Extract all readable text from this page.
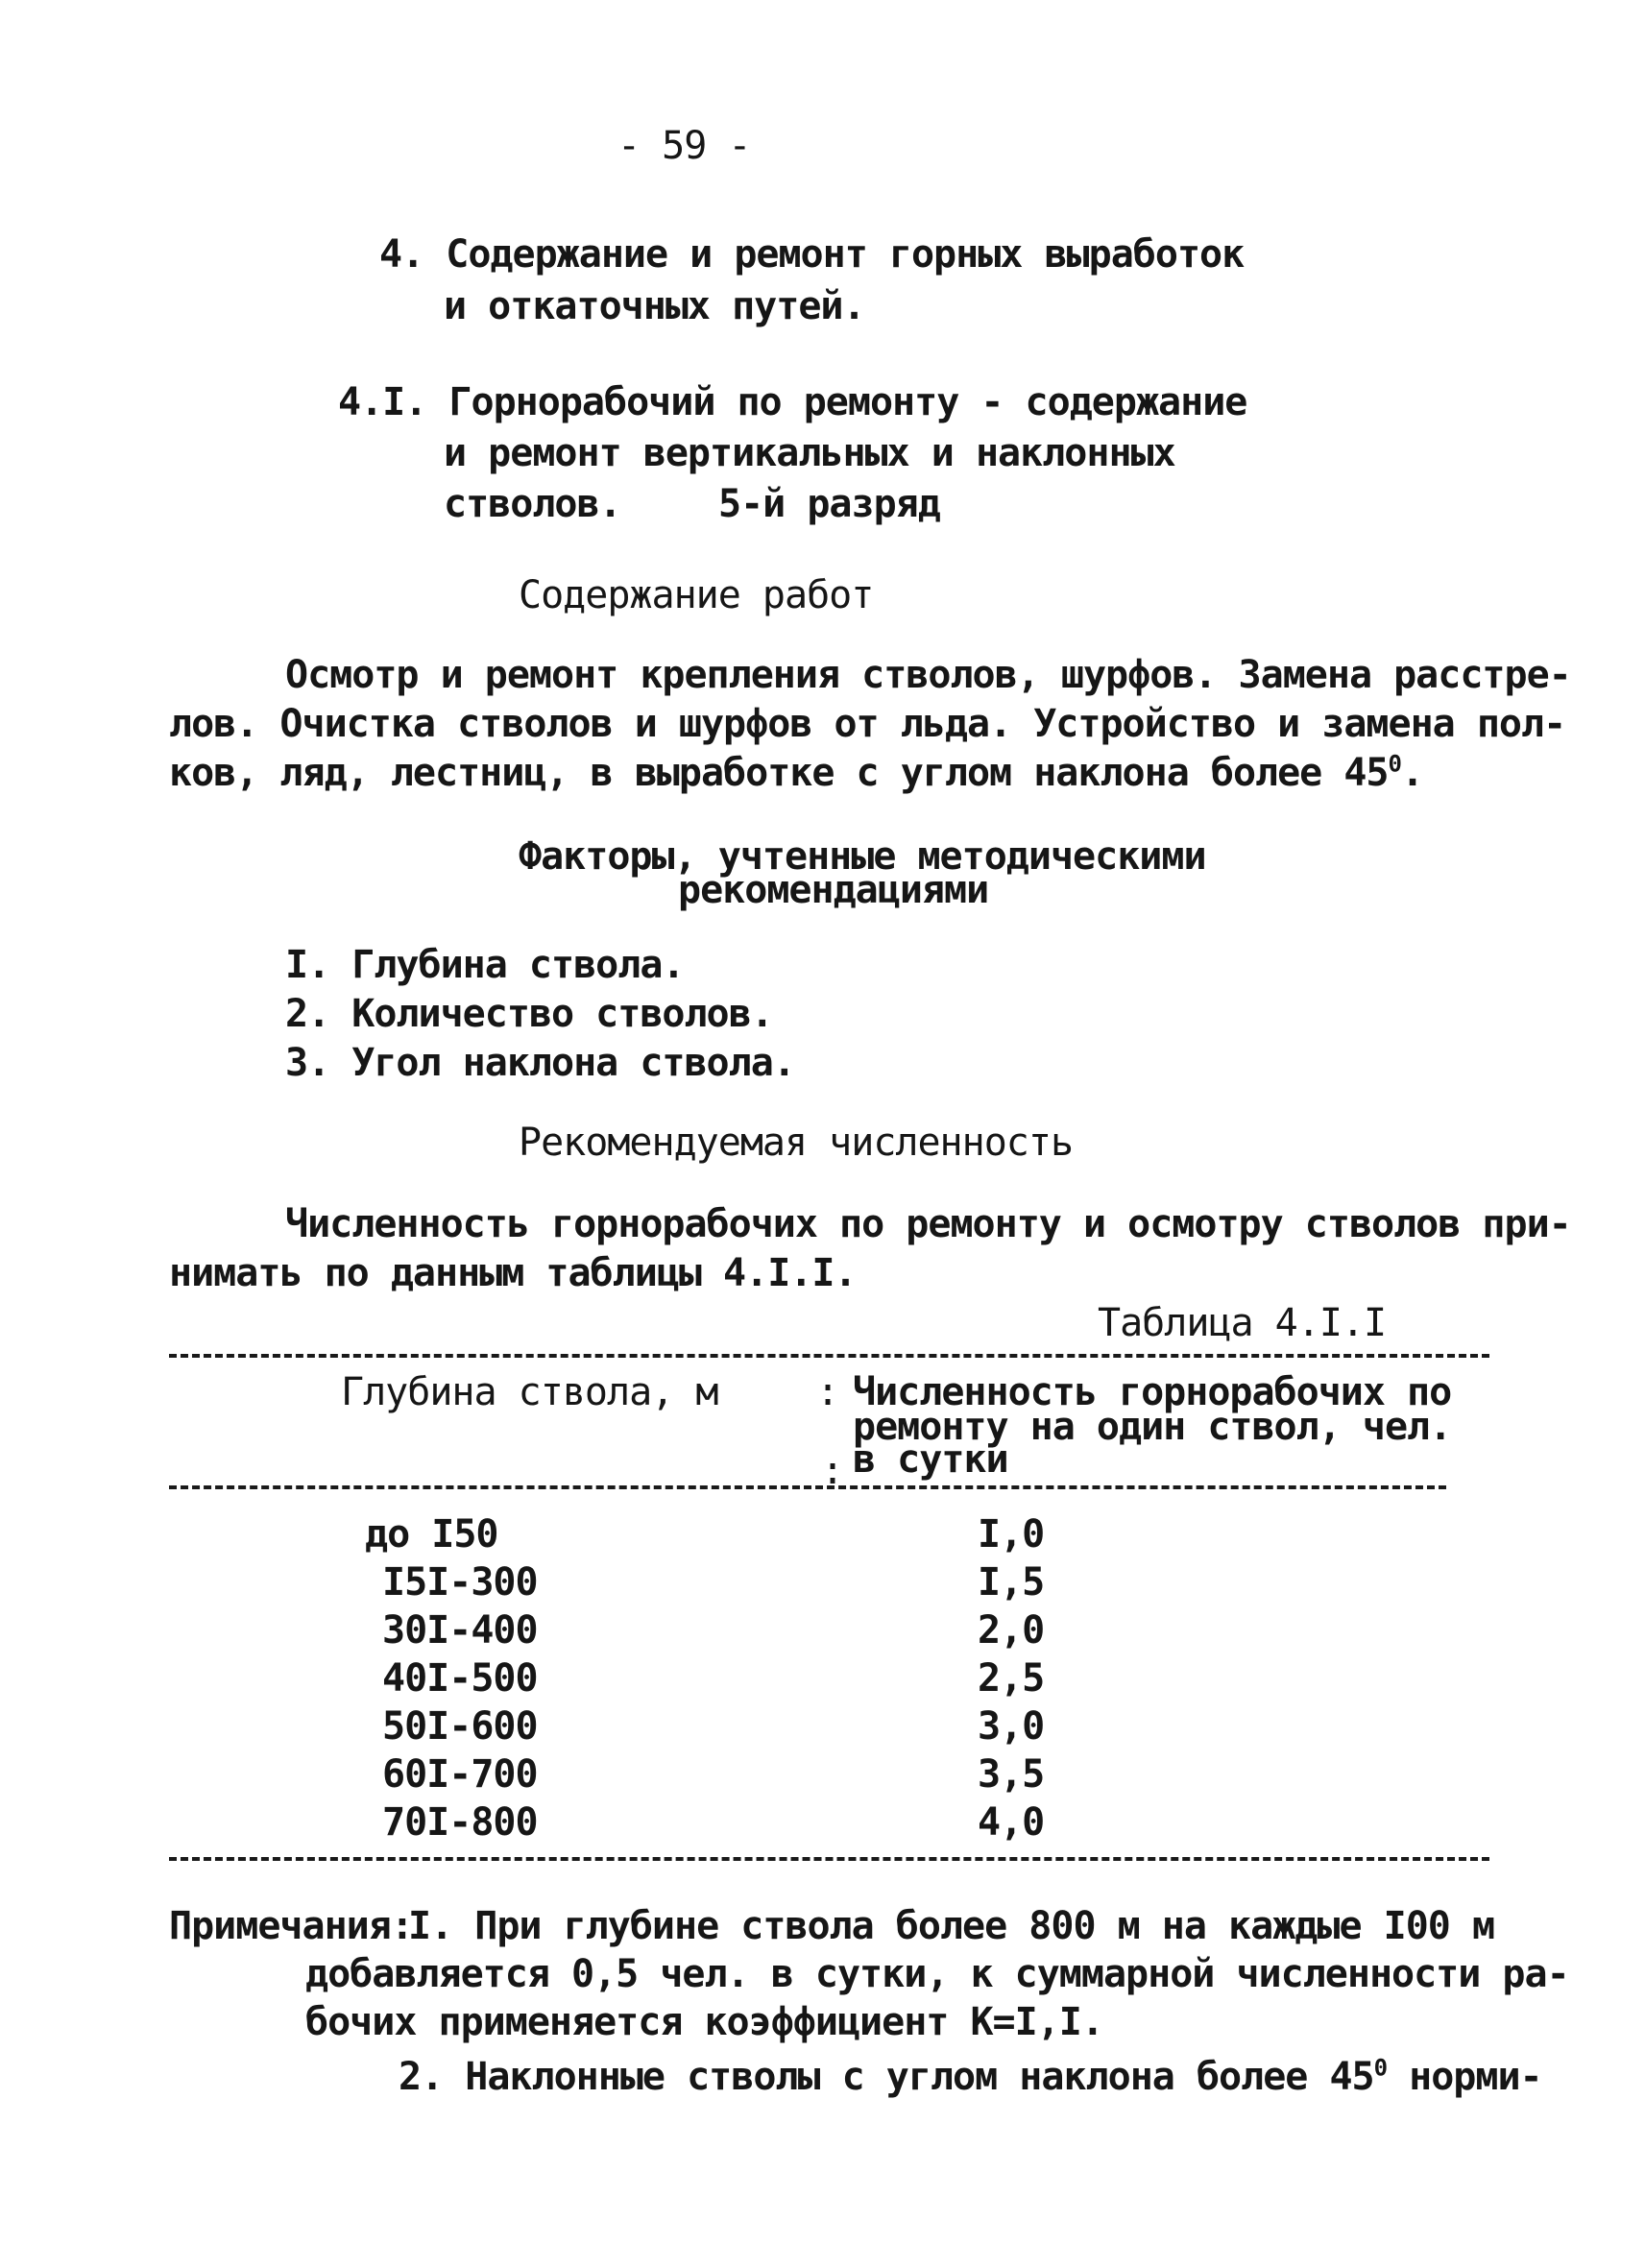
- 59 -
4. Содержание и ремонт горных выработок
и откаточных путей.
4.I. Горнорабочий по ремонту - содержание
и ремонт вертикальных и наклонных
стволов.	5-й разряд
Содержание работ
Осмотр и ремонт крепления стволов, шурфов. Замена расстре-
лов. Очистка стволов и шурфов от льда. Устройство и замена пол-
ков, ляд, лестниц, в выработке с углом наклона более $45^0$.
Факторы, учтенные методическими
рекомендациями
I. Глубина ствола.
2. Количество стволов.
3. Угол наклона ствола.
Рекомендуемая численность
Численность горнорабочих по ремонту и осмотру стволов при-
нимать по данным таблицы 4.I.I.
Таблица 4.I.I
Глубина ствола, м	: Численность горнорабочих по
ремонту на один ствол, чел.
в сутки
:
до I50	I,0
I5I-300	I,5
30I-400	2,0
40I-500	2,5
50I-600	3,0
60I-700	3,5
70I-800	4,0
Примечания:
I. При глубине ствола более 800 м на каждые I00 м
добавляется 0,5 чел. в сутки, к суммарной численности ра-
бочих применяется коэффициент К=I,I.
2. Наклонные стволы с углом наклона более $45^0$ норми-
